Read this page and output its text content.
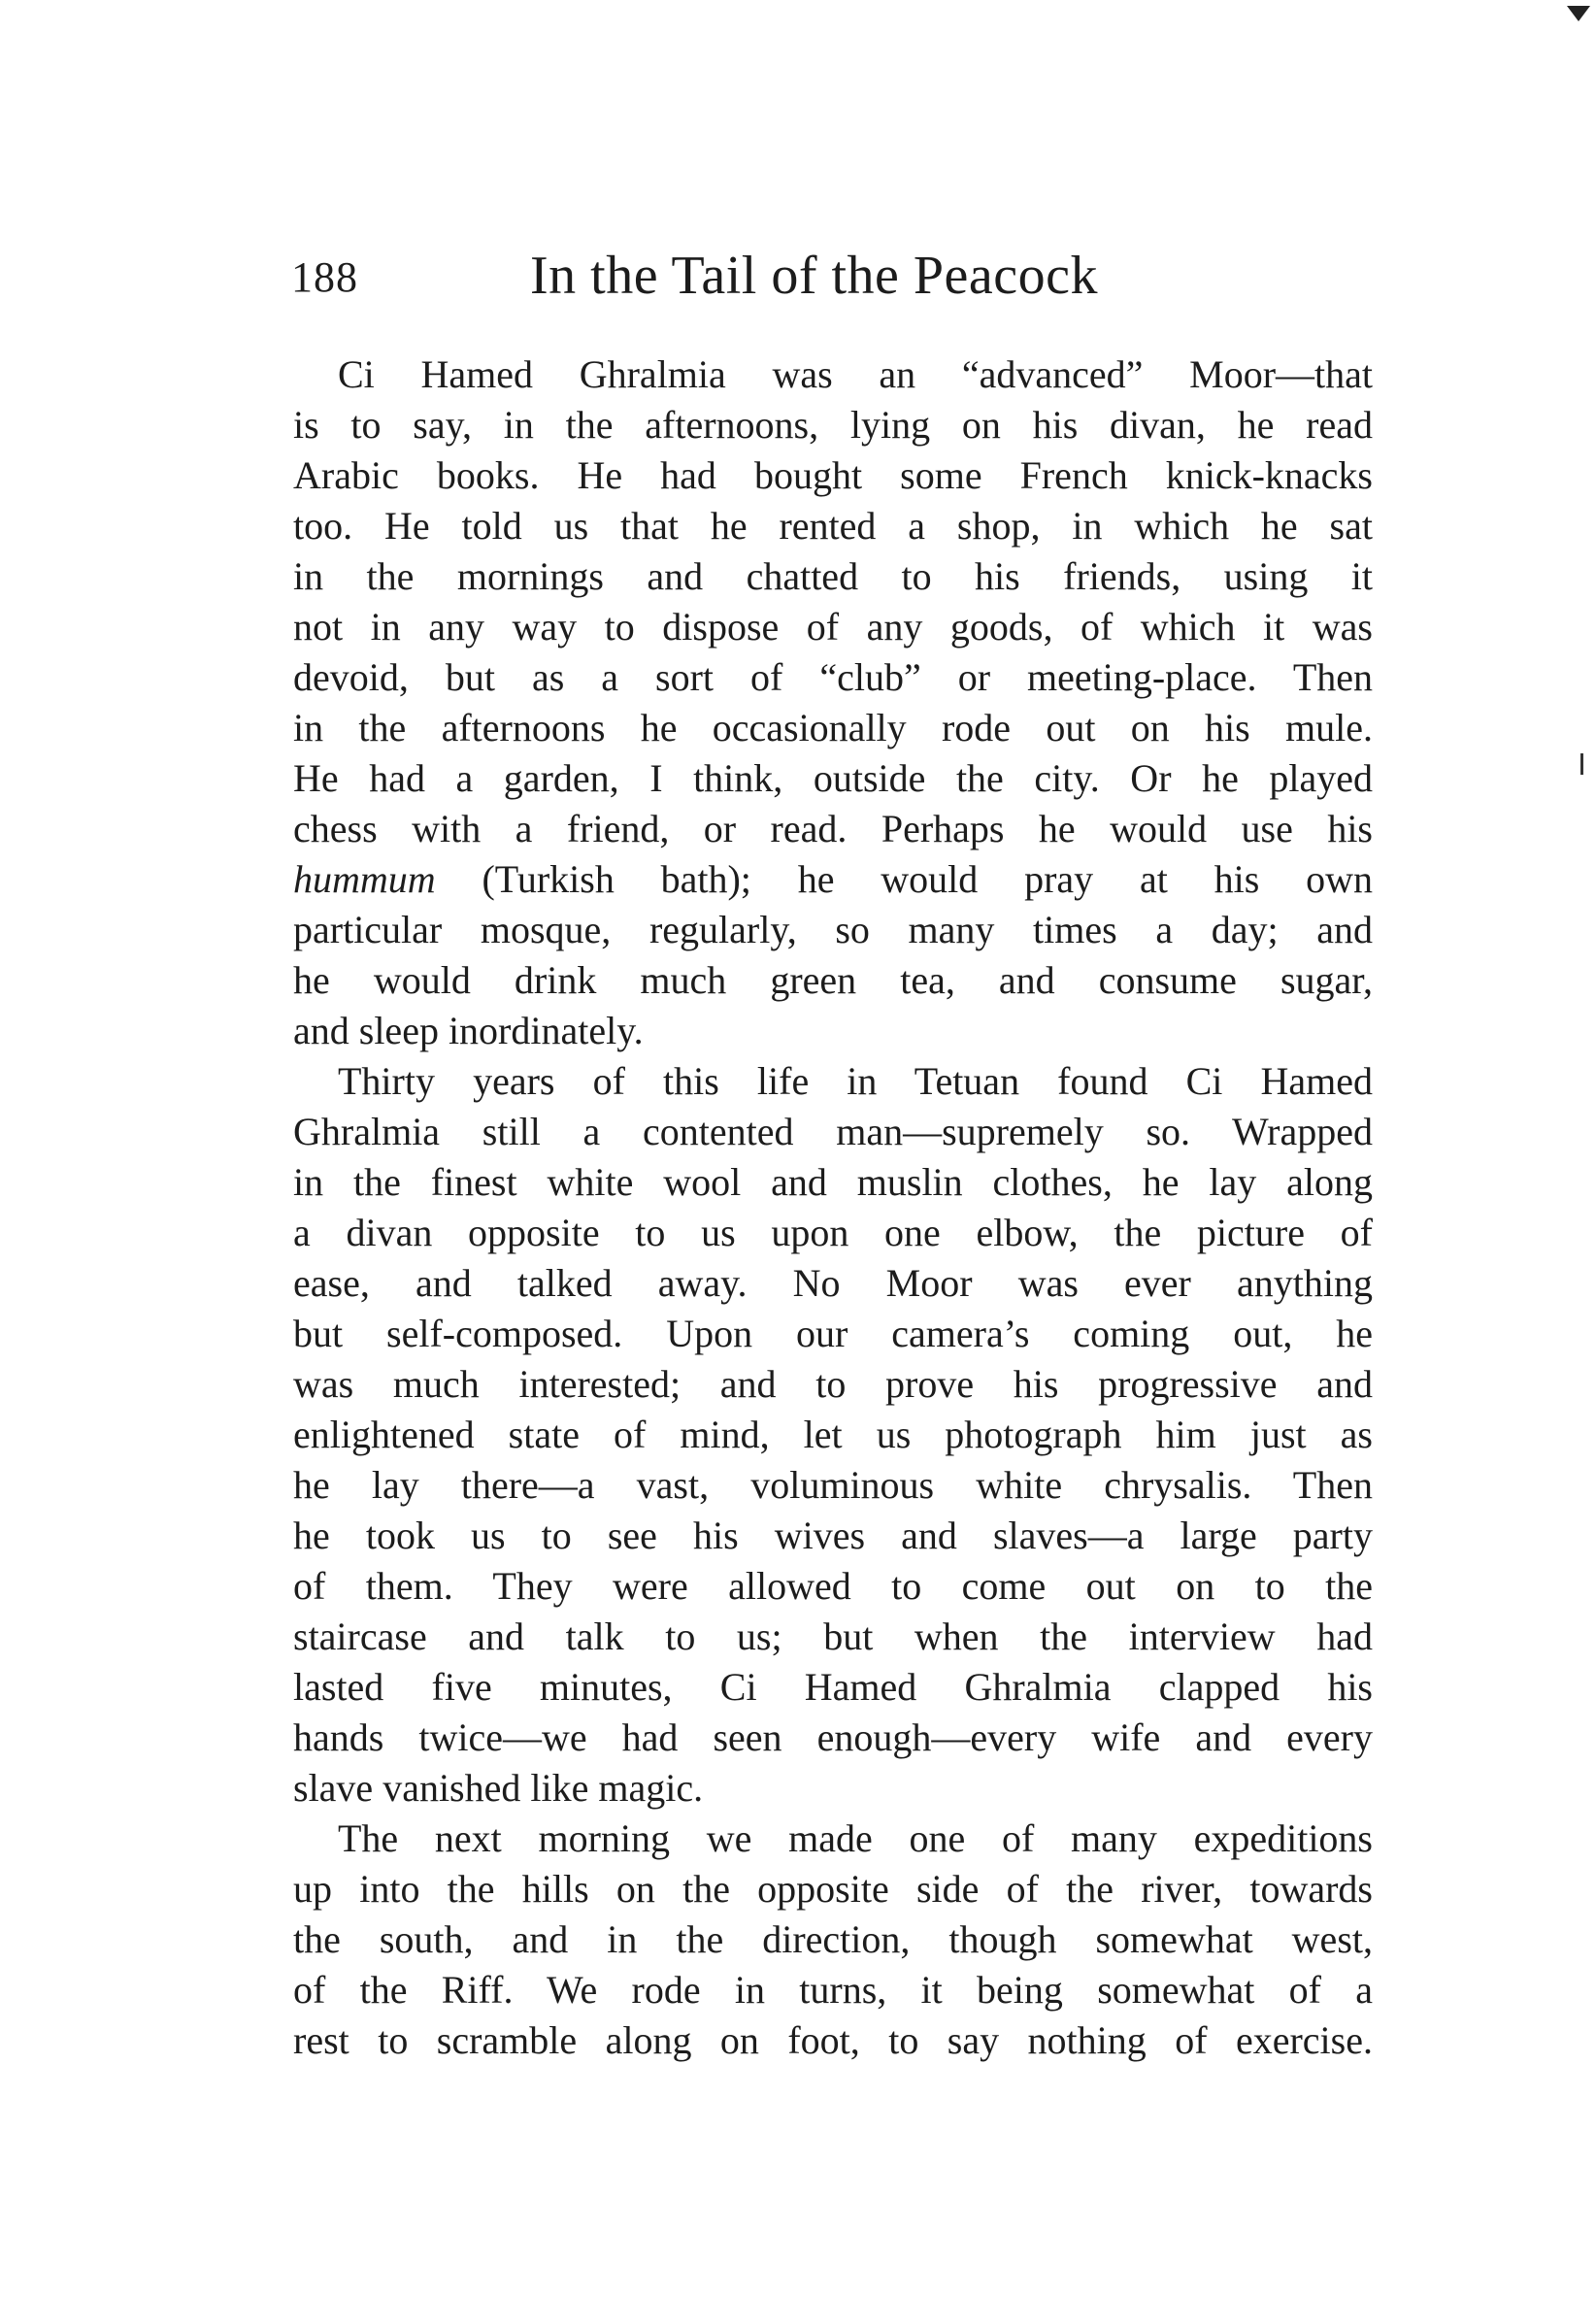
188	In the Tail of the Peacock
Ci Hamed Ghralmia was an “advanced” Moor—that
is to say, in the afternoons, lying on his divan, he read
Arabic books. He had bought some French knick-knacks
too. He told us that he rented a shop, in which he sat
in the mornings and chatted to his friends, using it
not in any way to dispose of any goods, of which it was
devoid, but as a sort of “club” or meeting-place. Then
in the afternoons he occasionally rode out on his mule.
He had a garden, I think, outside the city. Or he played
chess with a friend, or read. Perhaps he would use his
hummum (Turkish bath); he would pray at his own
particular mosque, regularly, so many times a day; and
he would drink much green tea, and consume sugar,
and sleep inordinately.
Thirty years of this life in Tetuan found Ci Hamed
Ghralmia still a contented man—supremely so. Wrapped
in the finest white wool and muslin clothes, he lay along
a divan opposite to us upon one elbow, the picture of
ease, and talked away. No Moor was ever anything
but self-composed. Upon our camera’s coming out, he
was much interested; and to prove his progressive and
enlightened state of mind, let us photograph him just as
he lay there—a vast, voluminous white chrysalis. Then
he took us to see his wives and slaves—a large party
of them. They were allowed to come out on to the
staircase and talk to us; but when the interview had
lasted five minutes, Ci Hamed Ghralmia clapped his
hands twice—we had seen enough—every wife and every
slave vanished like magic.
The next morning we made one of many expeditions
up into the hills on the opposite side of the river, towards
the south, and in the direction, though somewhat west,
of the Riff. We rode in turns, it being somewhat of a
rest to scramble along on foot, to say nothing of exercise.
